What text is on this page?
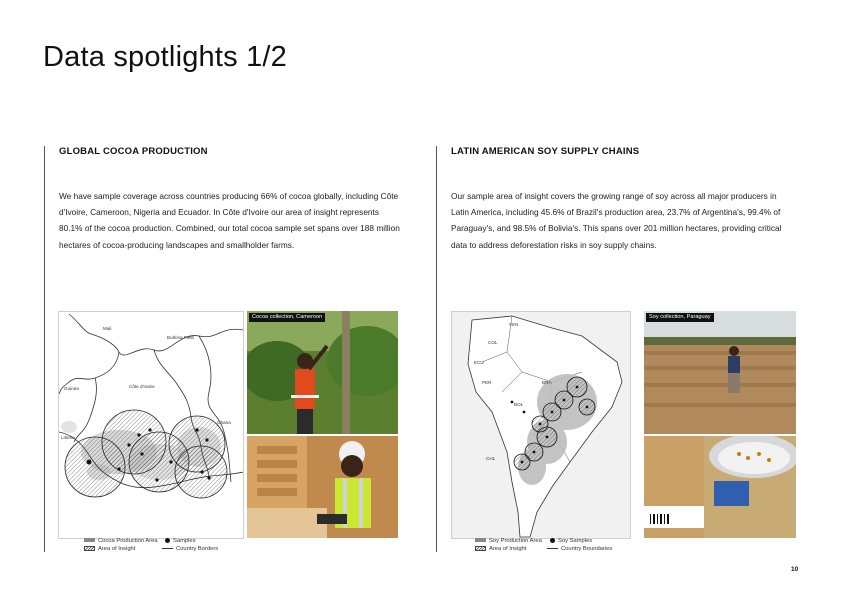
Data spotlights 1/2
GLOBAL COCOA PRODUCTION

We have sample coverage across countries producing 66% of cocoa globally, including Côte d'Ivoire, Cameroon, Nigeria and Ecuador. In Côte d'Ivoire our area of insight represents 80.1% of the cocoa production. Combined, our total cocoa sample set spans over 188 million hectares of cocoa-producing landscapes and smallholder farms.

Mali
Burkina Faso
Guinea	Côte d'Ivoire
Ghana
Liberia
Cocoa collection, Cameroon
Cocoa Production Area
Area of Insight
Samples
Country Borders
LATIN AMERICAN SOY SUPPLY CHAINS

Our sample area of insight covers the growing range of soy across all major producers in Latin America, including 45.6% of Brazil's production area, 23.7% of Argentina's, 99.4% of Paraguay's, and 98.5% of Bolivia's. This spans over 201 million hectares, providing critical data to address deforestation risks in soy supply chains.

VEN
COL
ECU
PER	BRA
BOL
CHL
Soy collection, Paraguay
Soy Production Area
Area of Insight
Soy Samples
Country Boundaries
10
